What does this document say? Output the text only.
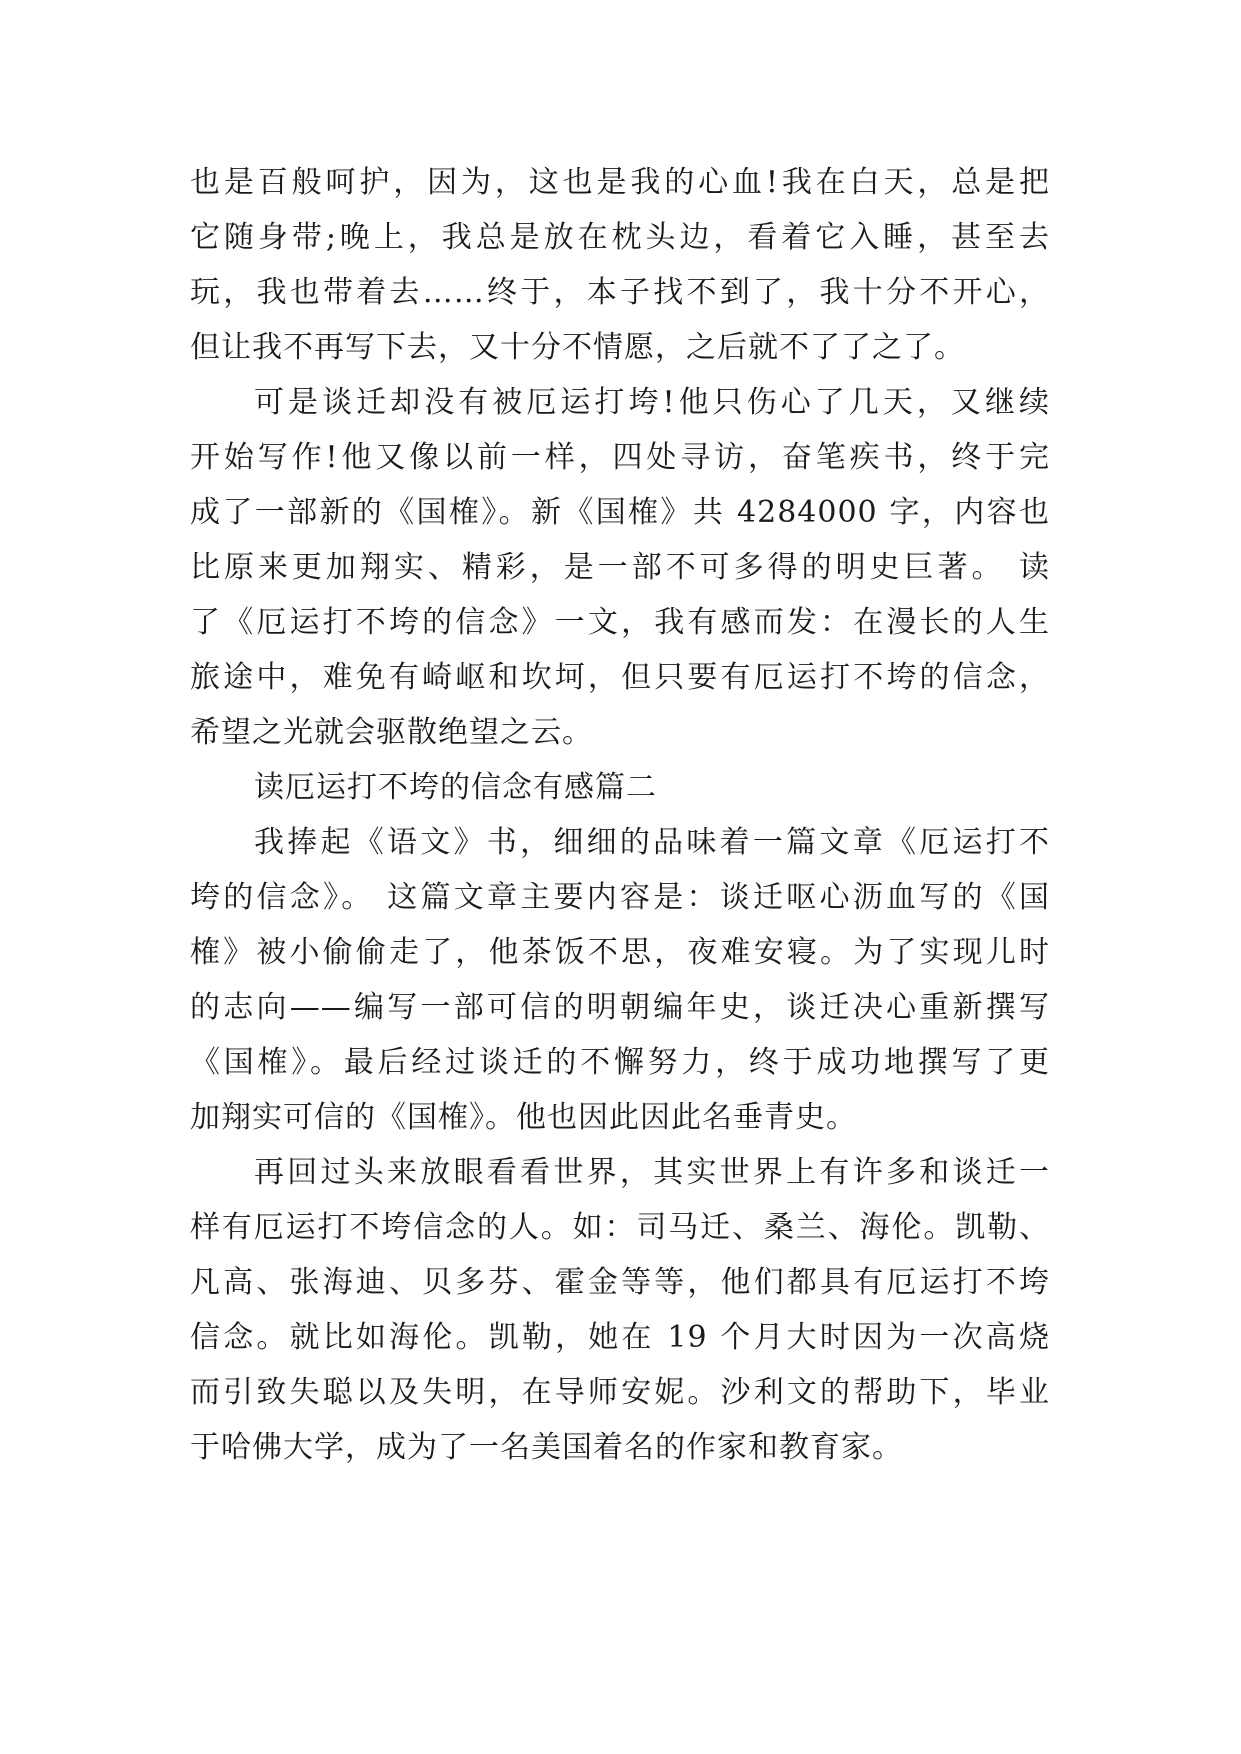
也是百般呵护，因为，这也是我的心血!我在白天，总是把
它随身带;晚上，我总是放在枕头边，看着它入睡，甚至去
玩，我也带着去……终于，本子找不到了，我十分不开心，
但让我不再写下去，又十分不情愿，之后就不了了之了。
可是谈迁却没有被厄运打垮!他只伤心了几天，又继续
开始写作!他又像以前一样，四处寻访，奋笔疾书，终于完
成了一部新的《国榷》。新《国榷》共 4284000 字，内容也
比原来更加翔实、精彩，是一部不可多得的明史巨著。 读
了《厄运打不垮的信念》一文，我有感而发：在漫长的人生
旅途中，难免有崎岖和坎坷，但只要有厄运打不垮的信念，
希望之光就会驱散绝望之云。
读厄运打不垮的信念有感篇二
我捧起《语文》书，细细的品味着一篇文章《厄运打不
垮的信念》。 这篇文章主要内容是：谈迁呕心沥血写的《国
榷》被小偷偷走了，他茶饭不思，夜难安寝。为了实现儿时
的志向——编写一部可信的明朝编年史，谈迁决心重新撰写
《国榷》。最后经过谈迁的不懈努力，终于成功地撰写了更
加翔实可信的《国榷》。他也因此因此名垂青史。
再回过头来放眼看看世界，其实世界上有许多和谈迁一
样有厄运打不垮信念的人。如：司马迁、桑兰、海伦。凯勒、
凡高、张海迪、贝多芬、霍金等等，他们都具有厄运打不垮
信念。就比如海伦。凯勒，她在 19 个月大时因为一次高烧
而引致失聪以及失明，在导师安妮。沙利文的帮助下，毕业
于哈佛大学，成为了一名美国着名的作家和教育家。
